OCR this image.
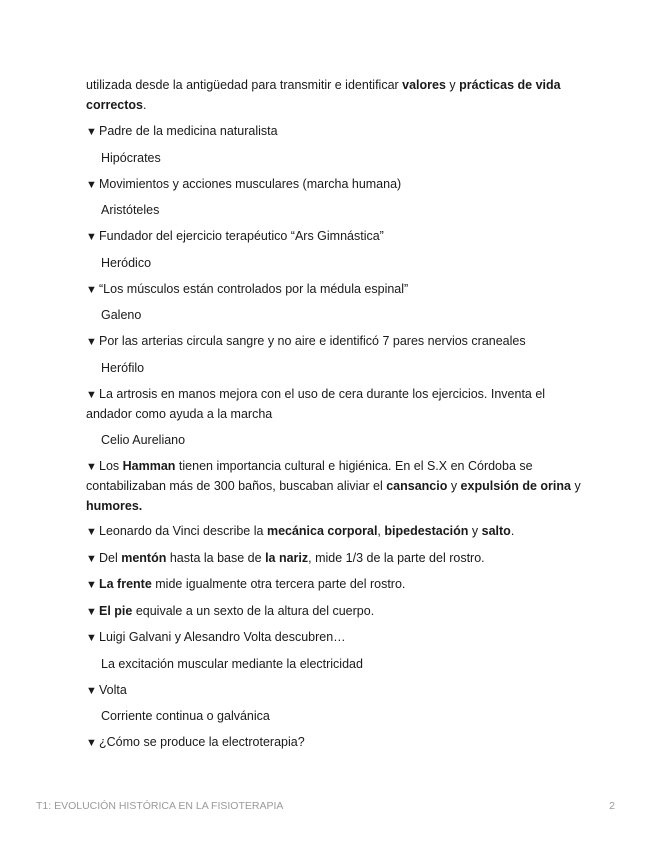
utilizada desde la antigüedad para transmitir e identificar valores y prácticas de vida correctos.

▼ Padre de la medicina naturalista

Hipócrates

▼ Movimientos y acciones musculares (marcha humana)

Aristóteles

▼ Fundador del ejercicio terapéutico “Ars Gimnástica”

Heródico

▼ “Los músculos están controlados por la médula espinal”

Galeno

▼ Por las arterias circula sangre y no aire e identificó 7 pares nervios craneales

Herófilo

▼ La artrosis en manos mejora con el uso de cera durante los ejercicios. Inventa el andador como ayuda a la marcha

Celio Aureliano

▼ Los Hamman tienen importancia cultural e higiénica. En el S.X en Córdoba se contabilizaban más de 300 baños, buscaban aliviar el cansancio y expulsión de orina y humores.

▼ Leonardo da Vinci describe la mecánica corporal, bipedestación y salto.

▼ Del mentón hasta la base de la nariz, mide 1/3 de la parte del rostro.

▼ La frente mide igualmente otra tercera parte del rostro.

▼ El pie equivale a un sexto de la altura del cuerpo.

▼ Luigi Galvani y Alesandro Volta descubren…

La excitación muscular mediante la electricidad

▼ Volta

Corriente continua o galvánica

▼ ¿Cómo se produce la electroterapia?

T1: EVOLUCIÓN HISTÓRICA EN LA FISIOTERAPIA	2
